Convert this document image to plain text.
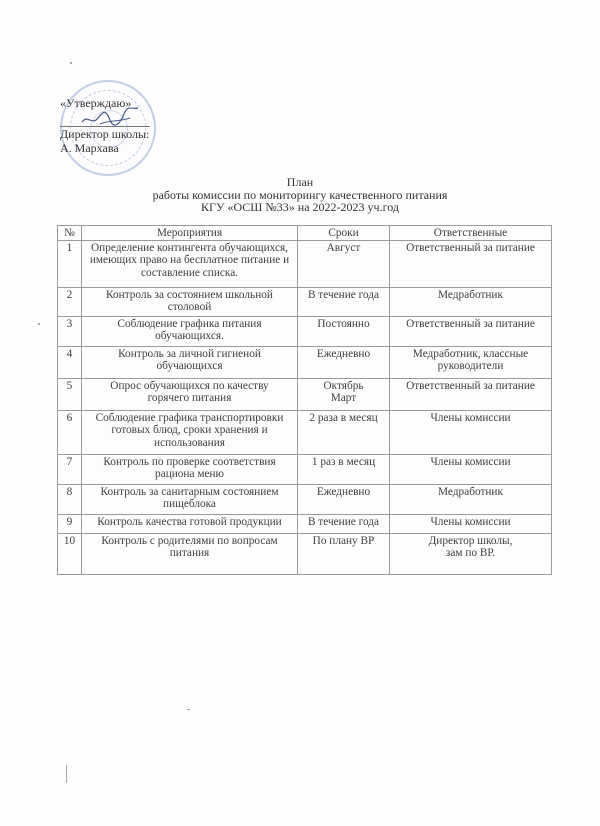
«Утверждаю»
Директор школы:
А. Мархава
План
работы комиссии по мониторингу качественного питания
КГУ «ОСШ №33» на 2022-2023 уч.год
№	Мероприятия	Сроки	Ответственные
1	Определение контингента обучающихся,
имеющих право на бесплатное питание и
составление списка.	Август	Ответственный за питание

2	Контроль за состоянием школьной
столовой	В течение года	Медработник

3	Соблюдение графика питания
обучающихся.	Постоянно	Ответственный за питание

4	Контроль за личной гигиеной
обучающихся	Ежедневно	Медработник, классные
руководители

5	Опрос обучающихся по качеству
горячего питания	Октябрь
Март	Ответственный за питание

6	Соблюдение графика транспортировки
готовых блюд, сроки хранения и
использования	2 раза в месяц	Члены комиссии

7	Контроль по проверке соответствия
рациона меню	1 раз в месяц	Члены комиссии

8	Контроль за санитарным состоянием
пищеблока	Ежедневно	Медработник

9	Контроль качества готовой продукции	В течение года	Члены комиссии

10	Контроль с родителями по вопросам
питания	По плану ВР	Директор школы,
зам по ВР.
